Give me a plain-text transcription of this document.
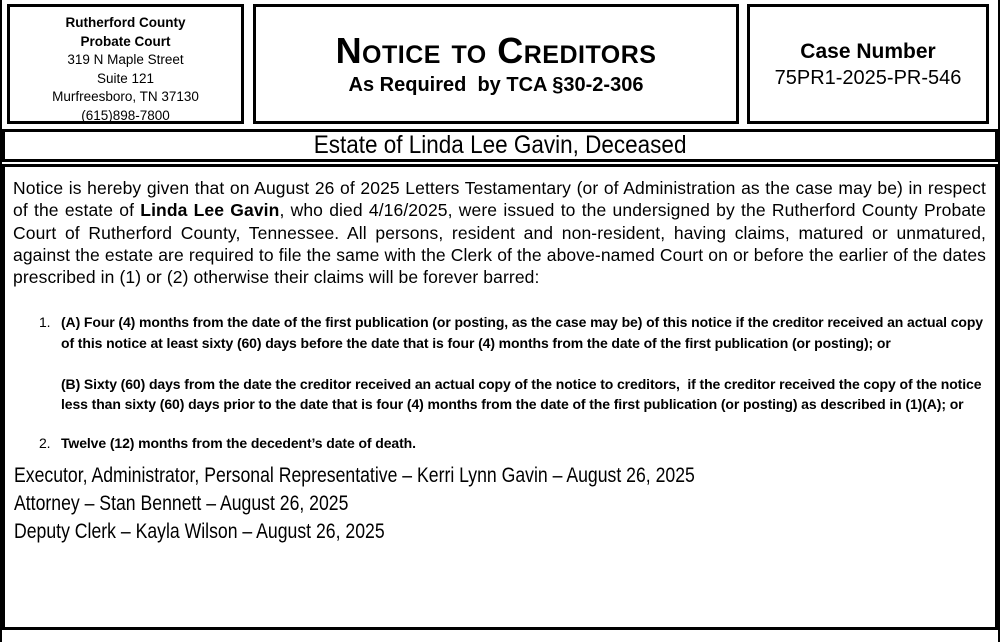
Rutherford County
Probate Court
319 N Maple Street
Suite 121
Murfreesboro, TN 37130
(615)898-7800
Notice to Creditors
As Required  by TCA §30-2-306
Case Number
75PR1-2025-PR-546
Estate of Linda Lee Gavin, Deceased

Notice is hereby given that on August 26 of 2025 Letters Testamentary (or of Administration as the case may be) in respect of the estate of Linda Lee Gavin, who died 4/16/2025, were issued to the undersigned by the Rutherford County Probate Court of Rutherford County, Tennessee. All persons, resident and non-resident, having claims, matured or unmatured, against the estate are required to file the same with the Clerk of the above-named Court on or before the earlier of the dates prescribed in (1) or (2) otherwise their claims will be forever barred:

1. (A) Four (4) months from the date of the first publication (or posting, as the case may be) of this notice if the creditor received an actual copy of this notice at least sixty (60) days before the date that is four (4) months from the date of the first publication (or posting); or

(B) Sixty (60) days from the date the creditor received an actual copy of the notice to creditors,  if the creditor received the copy of the notice less than sixty (60) days prior to the date that is four (4) months from the date of the first publication (or posting) as described in (1)(A); or

2. Twelve (12) months from the decedent’s date of death.

Executor, Administrator, Personal Representative – Kerri Lynn Gavin – August 26, 2025
Attorney – Stan Bennett – August 26, 2025
Deputy Clerk – Kayla Wilson – August 26, 2025
